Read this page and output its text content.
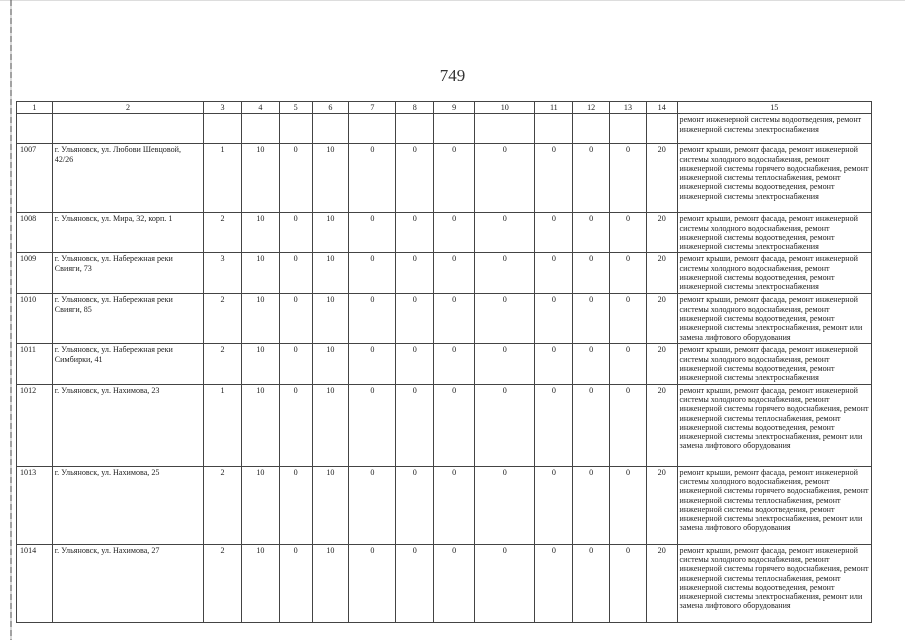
749
1	2	3	4	5	6	7	8	9	10	11	12	13	14	15
														ремонт инженерной системы водоотведения, ремонт инженерной системы электроснабжения
1007	г. Ульяновск, ул. Любови Шевцовой, 42/26	1	10	0	10	0	0	0	0	0	0	0	20	ремонт крыши, ремонт фасада, ремонт инженерной системы холодного водоснабжения, ремонт инженерной системы горячего водоснабжения, ремонт инженерной системы теплоснабжения, ремонт инженерной системы водоотведения, ремонт инженерной системы электроснабжения
1008	г. Ульяновск, ул. Мира, 32, корп. 1	2	10	0	10	0	0	0	0	0	0	0	20	ремонт крыши, ремонт фасада, ремонт инженерной системы холодного водоснабжения, ремонт инженерной системы водоотведения, ремонт инженерной системы электроснабжения
1009	г. Ульяновск, ул. Набережная реки Свияги, 73	3	10	0	10	0	0	0	0	0	0	0	20	ремонт крыши, ремонт фасада, ремонт инженерной системы холодного водоснабжения, ремонт инженерной системы водоотведения, ремонт инженерной системы электроснабжения
1010	г. Ульяновск, ул. Набережная реки Свияги, 85	2	10	0	10	0	0	0	0	0	0	0	20	ремонт крыши, ремонт фасада, ремонт инженерной системы холодного водоснабжения, ремонт инженерной системы водоотведения, ремонт инженерной системы электроснабжения, ремонт или замена лифтового оборудования
1011	г. Ульяновск, ул. Набережная реки Симбирки, 41	2	10	0	10	0	0	0	0	0	0	0	20	ремонт крыши, ремонт фасада, ремонт инженерной системы холодного водоснабжения, ремонт инженерной системы водоотведения, ремонт инженерной системы электроснабжения
1012	г. Ульяновск, ул. Нахимова, 23	1	10	0	10	0	0	0	0	0	0	0	20	ремонт крыши, ремонт фасада, ремонт инженерной системы холодного водоснабжения, ремонт инженерной системы горячего водоснабжения, ремонт инженерной системы теплоснабжения, ремонт инженерной системы водоотведения, ремонт инженерной системы электроснабжения, ремонт или замена лифтового оборудования
1013	г. Ульяновск, ул. Нахимова, 25	2	10	0	10	0	0	0	0	0	0	0	20	ремонт крыши, ремонт фасада, ремонт инженерной системы холодного водоснабжения, ремонт инженерной системы горячего водоснабжения, ремонт инженерной системы теплоснабжения, ремонт инженерной системы водоотведения, ремонт инженерной системы электроснабжения, ремонт или замена лифтового оборудования
1014	г. Ульяновск, ул. Нахимова, 27	2	10	0	10	0	0	0	0	0	0	0	20	ремонт крыши, ремонт фасада, ремонт инженерной системы холодного водоснабжения, ремонт инженерной системы горячего водоснабжения, ремонт инженерной системы теплоснабжения, ремонт инженерной системы водоотведения, ремонт инженерной системы электроснабжения, ремонт или замена лифтового оборудования
